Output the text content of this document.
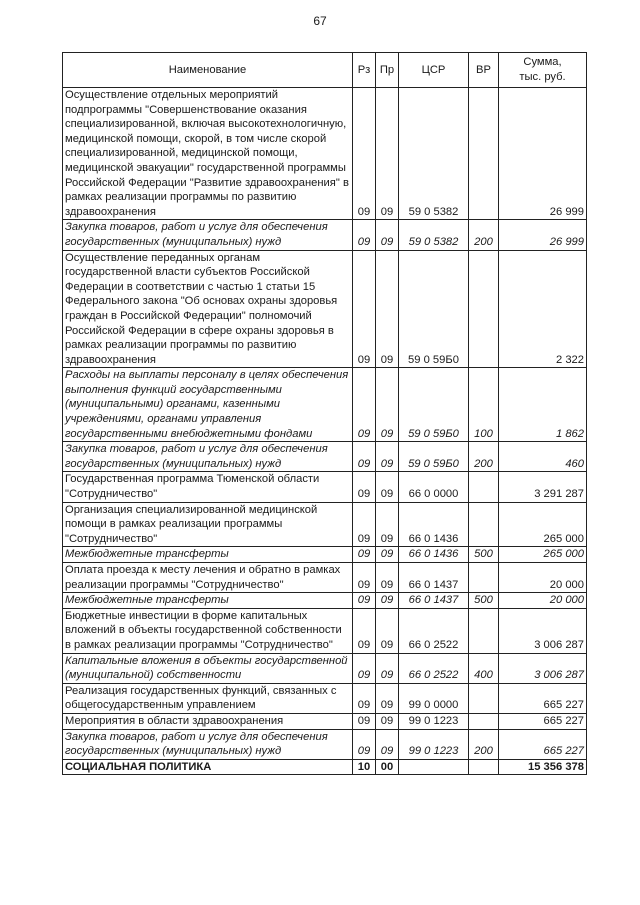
67
Наименование	Рз	Пр	ЦСР	ВР	Сумма,
тыс. руб.
Осуществление отдельных мероприятий подпрограммы "Совершенствование оказания специализированной, включая высокотехнологичную, медицинской помощи, скорой, в том числе скорой специализированной, медицинской помощи, медицинской эвакуации" государственной программы Российской Федерации "Развитие здравоохранения" в рамках реализации программы по развитию здравоохранения	09	09	59 0 5382		26 999
Закупка товаров, работ и услуг для обеспечения государственных (муниципальных) нужд	09	09	59 0 5382	200	26 999
Осуществление переданных органам государственной власти субъектов Российской Федерации в соответствии с частью 1 статьи 15 Федерального закона "Об основах охраны здоровья граждан в Российской Федерации" полномочий Российской Федерации в сфере охраны здоровья в рамках реализации программы по развитию здравоохранения	09	09	59 0 59Б0		2 322
Расходы на выплаты персоналу в целях обеспечения выполнения функций государственными (муниципальными) органами, казенными учреждениями, органами управления государственными внебюджетными фондами	09	09	59 0 59Б0	100	1 862
Закупка товаров, работ и услуг для обеспечения государственных (муниципальных) нужд	09	09	59 0 59Б0	200	460
Государственная программа Тюменской области "Сотрудничество"	09	09	66 0 0000		3 291 287
Организация специализированной медицинской помощи в рамках реализации программы "Сотрудничество"	09	09	66 0 1436		265 000
Межбюджетные трансферты	09	09	66 0 1436	500	265 000
Оплата проезда к месту лечения и обратно в рамках реализации программы "Сотрудничество"	09	09	66 0 1437		20 000
Межбюджетные трансферты	09	09	66 0 1437	500	20 000
Бюджетные инвестиции в форме капитальных вложений в объекты государственной собственности в рамках реализации программы "Сотрудничество"	09	09	66 0 2522		3 006 287
Капитальные вложения в объекты государственной (муниципальной) собственности	09	09	66 0 2522	400	3 006 287
Реализация государственных функций, связанных с общегосударственным управлением	09	09	99 0 0000		665 227
Мероприятия в области здравоохранения	09	09	99 0 1223		665 227
Закупка товаров, работ и услуг для обеспечения государственных (муниципальных) нужд	09	09	99 0 1223	200	665 227
СОЦИАЛЬНАЯ ПОЛИТИКА	10	00			15 356 378
